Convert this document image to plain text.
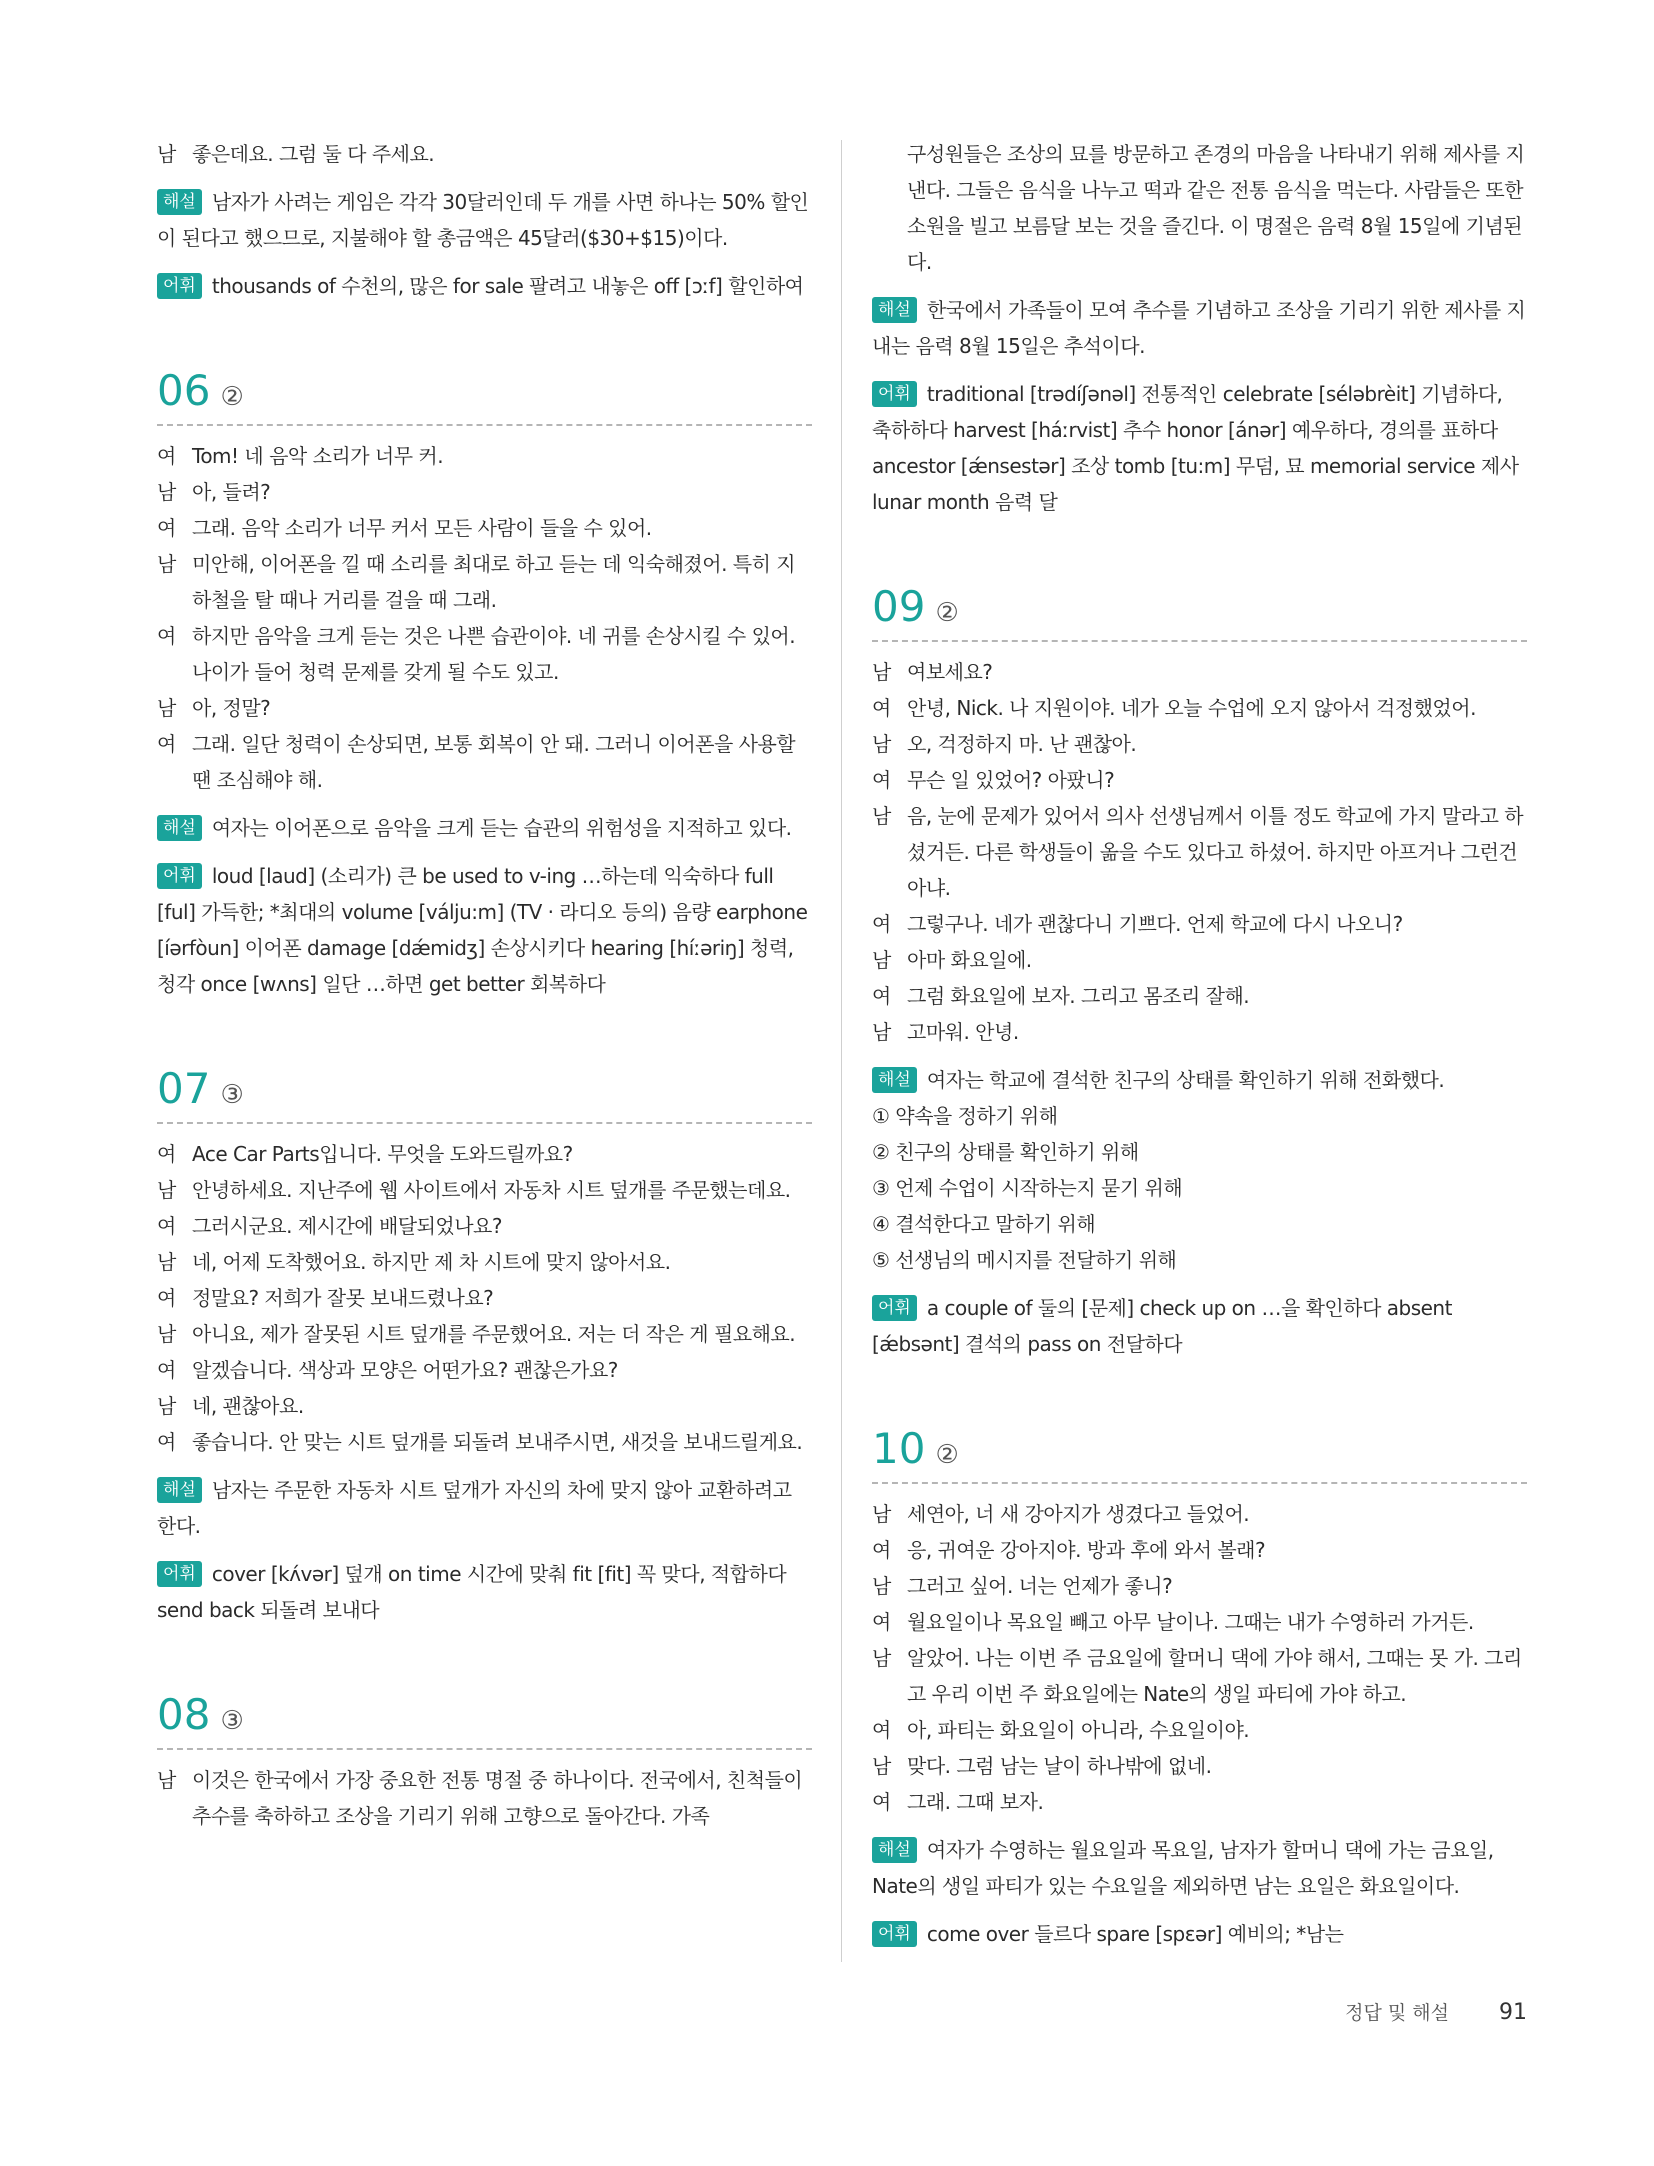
남 좋은데요. 그럼 둘 다 주세요.
해설 남자가 사려는 게임은 각각 30달러인데 두 개를 사면 하나는 50% 할인이 된다고 했으므로, 지불해야 할 총금액은 45달러($30+$15)이다.
어휘 thousands of 수천의, 많은 for sale 팔려고 내놓은 off [ɔːf] 할인하여
06 ②
여 Tom! 네 음악 소리가 너무 커.
남 아, 들려?
여 그래. 음악 소리가 너무 커서 모든 사람이 들을 수 있어.
남 미안해, 이어폰을 낄 때 소리를 최대로 하고 듣는 데 익숙해졌어. 특히 지하철을 탈 때나 거리를 걸을 때 그래.
여 하지만 음악을 크게 듣는 것은 나쁜 습관이야. 네 귀를 손상시킬 수 있어. 나이가 들어 청력 문제를 갖게 될 수도 있고.
남 아, 정말?
여 그래. 일단 청력이 손상되면, 보통 회복이 안 돼. 그러니 이어폰을 사용할 땐 조심해야 해.
해설 여자는 이어폰으로 음악을 크게 듣는 습관의 위험성을 지적하고 있다.
어휘 loud [laud] (소리가) 큰 be used to v-ing …하는데 익숙하다 full [ful] 가득한; *최대의 volume [válju:m] (TV · 라디오 등의) 음량 earphone [íərfòun] 이어폰 damage [dǽmidʒ] 손상시키다 hearing [híːəriŋ] 청력, 청각 once [wʌns] 일단 …하면 get better 회복하다
07 ③
여 Ace Car Parts입니다. 무엇을 도와드릴까요?
남 안녕하세요. 지난주에 웹 사이트에서 자동차 시트 덮개를 주문했는데요.
여 그러시군요. 제시간에 배달되었나요?
남 네, 어제 도착했어요. 하지만 제 차 시트에 맞지 않아서요.
여 정말요? 저희가 잘못 보내드렸나요?
남 아니요, 제가 잘못된 시트 덮개를 주문했어요. 저는 더 작은 게 필요해요.
여 알겠습니다. 색상과 모양은 어떤가요? 괜찮은가요?
남 네, 괜찮아요.
여 좋습니다. 안 맞는 시트 덮개를 되돌려 보내주시면, 새것을 보내드릴게요.
해설 남자는 주문한 자동차 시트 덮개가 자신의 차에 맞지 않아 교환하려고 한다.
어휘 cover [kʌ́vər] 덮개 on time 시간에 맞춰 fit [fit] 꼭 맞다, 적합하다 send back 되돌려 보내다
08 ③
남 이것은 한국에서 가장 중요한 전통 명절 중 하나이다. 전국에서, 친척들이 추수를 축하하고 조상을 기리기 위해 고향으로 돌아간다. 가족
구성원들은 조상의 묘를 방문하고 존경의 마음을 나타내기 위해 제사를 지낸다. 그들은 음식을 나누고 떡과 같은 전통 음식을 먹는다. 사람들은 또한 소원을 빌고 보름달 보는 것을 즐긴다. 이 명절은 음력 8월 15일에 기념된다.
해설 한국에서 가족들이 모여 추수를 기념하고 조상을 기리기 위한 제사를 지내는 음력 8월 15일은 추석이다.
어휘 traditional [trədíʃənəl] 전통적인 celebrate [séləbrèit] 기념하다, 축하하다 harvest [háːrvist] 추수 honor [ánər] 예우하다, 경의를 표하다 ancestor [ǽnsestər] 조상 tomb [tu:m] 무덤, 묘 memorial service 제사 lunar month 음력 달
09 ②
남 여보세요?
여 안녕, Nick. 나 지원이야. 네가 오늘 수업에 오지 않아서 걱정했었어.
남 오, 걱정하지 마. 난 괜찮아.
여 무슨 일 있었어? 아팠니?
남 음, 눈에 문제가 있어서 의사 선생님께서 이틀 정도 학교에 가지 말라고 하셨거든. 다른 학생들이 옮을 수도 있다고 하셨어. 하지만 아프거나 그런건 아냐.
여 그렇구나. 네가 괜찮다니 기쁘다. 언제 학교에 다시 나오니?
남 아마 화요일에.
여 그럼 화요일에 보자. 그리고 몸조리 잘해.
남 고마워. 안녕.
해설 여자는 학교에 결석한 친구의 상태를 확인하기 위해 전화했다.
① 약속을 정하기 위해
② 친구의 상태를 확인하기 위해
③ 언제 수업이 시작하는지 묻기 위해
④ 결석한다고 말하기 위해
⑤ 선생님의 메시지를 전달하기 위해
어휘 a couple of 둘의 [문제] check up on …을 확인하다 absent [ǽbsənt] 결석의 pass on 전달하다
10 ②
남 세연아, 너 새 강아지가 생겼다고 들었어.
여 응, 귀여운 강아지야. 방과 후에 와서 볼래?
남 그러고 싶어. 너는 언제가 좋니?
여 월요일이나 목요일 빼고 아무 날이나. 그때는 내가 수영하러 가거든.
남 알았어. 나는 이번 주 금요일에 할머니 댁에 가야 해서, 그때는 못 가. 그리고 우리 이번 주 화요일에는 Nate의 생일 파티에 가야 하고.
여 아, 파티는 화요일이 아니라, 수요일이야.
남 맞다. 그럼 남는 날이 하나밖에 없네.
여 그래. 그때 보자.
해설 여자가 수영하는 월요일과 목요일, 남자가 할머니 댁에 가는 금요일, Nate의 생일 파티가 있는 수요일을 제외하면 남는 요일은 화요일이다.
어휘 come over 들르다 spare [spɛər] 예비의; *남는
정답 및 해설 91
